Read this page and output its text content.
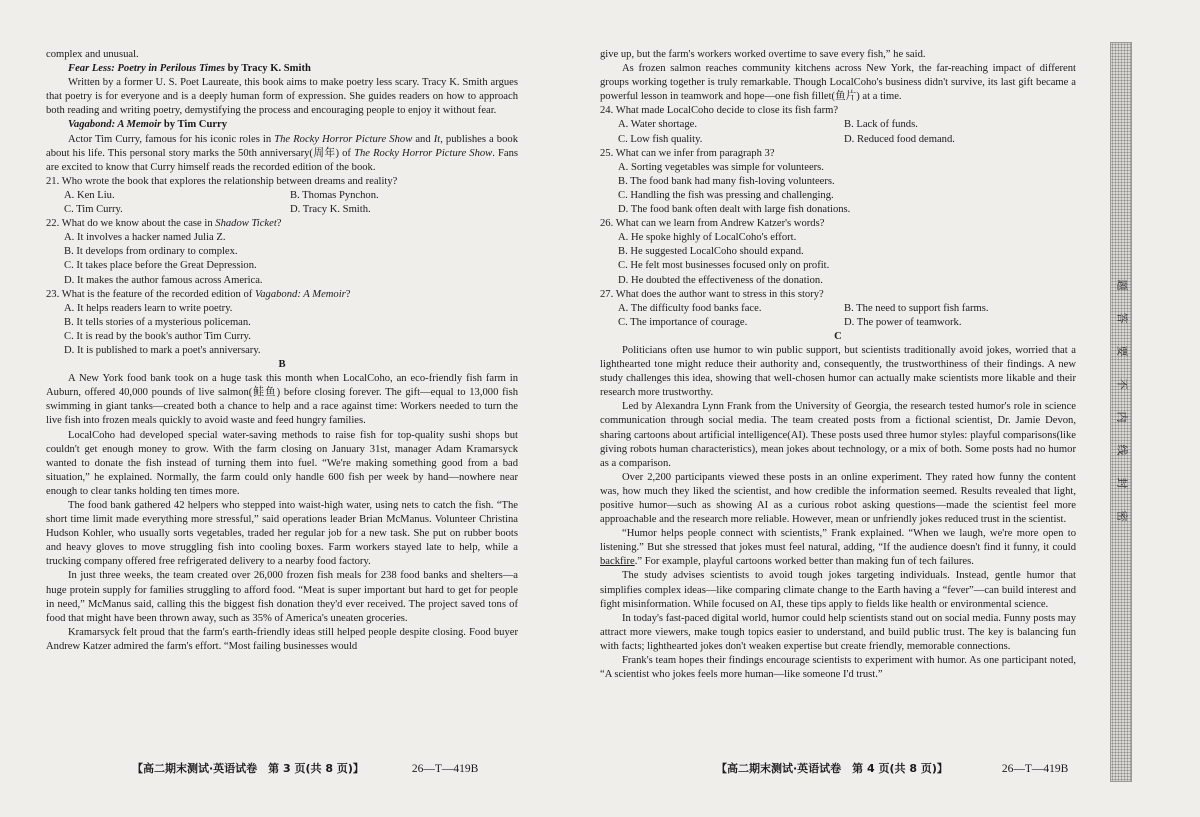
complex and unusual.

Fear Less: Poetry in Perilous Times by Tracy K. Smith

Written by a former U. S. Poet Laureate, this book aims to make poetry less scary. Tracy K. Smith argues that poetry is for everyone and is a deeply human form of expression. She guides readers on how to approach both reading and writing poetry, demystifying the process and encouraging people to enjoy it without fear.

Vagabond: A Memoir by Tim Curry

Actor Tim Curry, famous for his iconic roles in The Rocky Horror Picture Show and It, publishes a book about his life. This personal story marks the 50th anniversary(周年) of The Rocky Horror Picture Show. Fans are excited to know that Curry himself reads the recorded edition of the book.

21. Who wrote the book that explores the relationship between dreams and reality?

A. Ken Liu.	B. Thomas Pynchon.
C. Tim Curry.	D. Tracy K. Smith.

22. What do we know about the case in Shadow Ticket?

A. It involves a hacker named Julia Z.

B. It develops from ordinary to complex.

C. It takes place before the Great Depression.

D. It makes the author famous across America.

23. What is the feature of the recorded edition of Vagabond: A Memoir?

A. It helps readers learn to write poetry.

B. It tells stories of a mysterious policeman.

C. It is read by the book's author Tim Curry.

D. It is published to mark a poet's anniversary.

B

A New York food bank took on a huge task this month when LocalCoho, an eco-friendly fish farm in Auburn, offered 40,000 pounds of live salmon(鲑鱼) before closing forever. The gift—equal to 13,000 fish swimming in giant tanks—created both a chance to help and a race against time: Workers needed to turn the live fish into frozen meals quickly to avoid waste and feed hungry families.

LocalCoho had developed special water-saving methods to raise fish for top-quality sushi shops but couldn't get enough money to grow. With the farm closing on January 31st, manager Adam Kramarsyck wanted to donate the fish instead of turning them into fuel. “We're making something good from a bad situation,” he explained. Normally, the farm could only handle 600 fish per week by hand—nowhere near enough to clear tanks holding ten times more.

The food bank gathered 42 helpers who stepped into waist-high water, using nets to catch the fish. “The short time limit made everything more stressful,” said operations leader Brian McManus. Volunteer Christina Hudson Kohler, who usually sorts vegetables, traded her regular job for a new task. She put on rubber boots and heavy gloves to move struggling fish into cooling boxes. Farm workers stayed late to help, while a trucking company offered free refrigerated delivery to a nearby food factory.

In just three weeks, the team created over 26,000 frozen fish meals for 238 food banks and shelters—a huge protein supply for families struggling to afford food. “Meat is super important but hard to get for people in need,” McManus said, calling this the biggest fish donation they'd ever received. The project saved tons of food that might have been thrown away, such as 35% of America's uneaten groceries.

Kramarsyck felt proud that the farm's earth-friendly ideas still helped people despite closing. Food buyer Andrew Katzer admired the farm's effort. “Most failing businesses would

【高二期末测试·英语试卷　第 3 页(共 8 页)】	26—T—419B

give up, but the farm's workers worked overtime to save every fish,” he said.

As frozen salmon reaches community kitchens across New York, the far-reaching impact of different groups working together is truly remarkable. Though LocalCoho's business didn't survive, its last gift became a powerful lesson in teamwork and hope—one fish fillet(鱼片) at a time.

24. What made LocalCoho decide to close its fish farm?

A. Water shortage.	B. Lack of funds.
C. Low fish quality.	D. Reduced food demand.

25. What can we infer from paragraph 3?

A. Sorting vegetables was simple for volunteers.

B. The food bank had many fish-loving volunteers.

C. Handling the fish was pressing and challenging.

D. The food bank often dealt with large fish donations.

26. What can we learn from Andrew Katzer's words?

A. He spoke highly of LocalCoho's effort.

B. He suggested LocalCoho should expand.

C. He felt most businesses focused only on profit.

D. He doubted the effectiveness of the donation.

27. What does the author want to stress in this story?

A. The difficulty food banks face.	B. The need to support fish farms.
C. The importance of courage.	D. The power of teamwork.

C

Politicians often use humor to win public support, but scientists traditionally avoid jokes, worried that a lighthearted tone might reduce their authority and, consequently, the trustworthiness of their findings. A new study challenges this idea, showing that well-chosen humor can actually make scientists more likable and their research more trustworthy.

Led by Alexandra Lynn Frank from the University of Georgia, the research tested humor's role in science communication through social media. The team created posts from a fictional scientist, Dr. Jamie Devon, sharing cartoons about artificial intelligence(AI). These posts used three humor styles: playful comparisons(like giving robots human characteristics), mean jokes about technology, or a mix of both. Some posts had no humor as a comparison.

Over 2,200 participants viewed these posts in an online experiment. They rated how funny the content was, how much they liked the scientist, and how credible the information seemed. Results revealed that light, positive humor—such as showing AI as a curious robot asking questions—made the scientist feel more approachable and the research more reliable. However, mean or unfriendly jokes reduced trust in the scientist.

“Humor helps people connect with scientists,” Frank explained. “When we laugh, we're more open to listening.” But she stressed that jokes must feel natural, adding, “If the audience doesn't find it funny, it could backfire.” For example, playful cartoons worked better than making fun of tech failures.

The study advises scientists to avoid tough jokes targeting individuals. Instead, gentle humor that simplifies complex ideas—like comparing climate change to the Earth having a “fever”—can build interest and fight misinformation. While focused on AI, these tips apply to fields like health or environmental science.

In today's fast-paced digital world, humor could help scientists stand out on social media. Funny posts may attract more viewers, make tough topics easier to understand, and build public trust. The key is balancing fun with facts; lighthearted jokes don't weaken expertise but create friendly, memorable connections.

Frank's team hopes their findings encourage scientists to experiment with humor. As one participant noted, “A scientist who jokes feels more human—like someone I'd trust.”

【高二期末测试·英语试卷　第 4 页(共 8 页)】	26—T—419B
题
答
要
不
内
线
封
密
